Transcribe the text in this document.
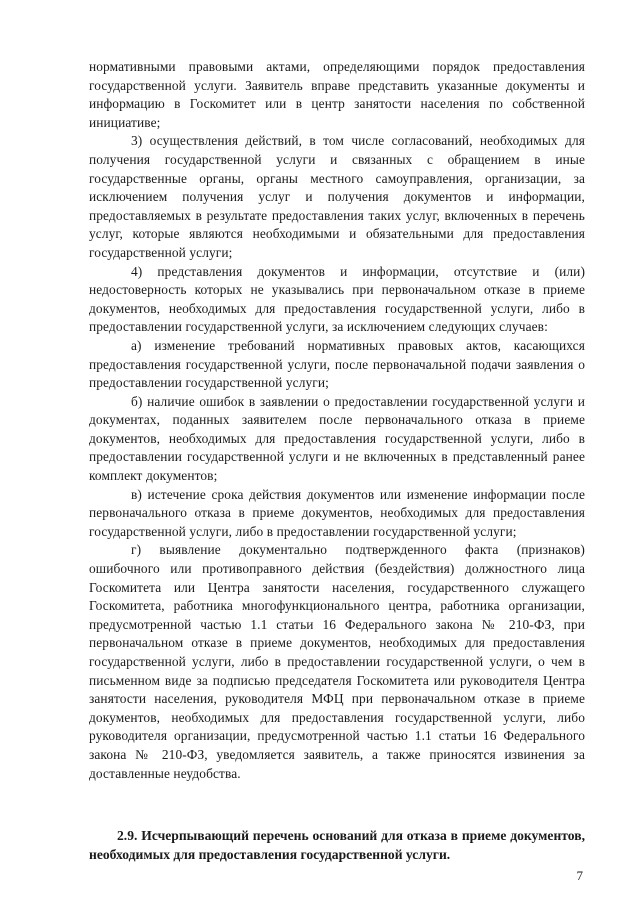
нормативными правовыми актами, определяющими порядок предоставления государственной услуги. Заявитель вправе представить указанные документы и информацию в Госкомитет или в центр занятости населения по собственной инициативе;

3) осуществления действий, в том числе согласований, необходимых для получения государственной услуги и связанных с обращением в иные государственные органы, органы местного самоуправления, организации, за исключением получения услуг и получения документов и информации, предоставляемых в результате предоставления таких услуг, включенных в перечень услуг, которые являются необходимыми и обязательными для предоставления государственной услуги;

4) представления документов и информации, отсутствие и (или) недостоверность которых не указывались при первоначальном отказе в приеме документов, необходимых для предоставления государственной услуги, либо в предоставлении государственной услуги, за исключением следующих случаев:

а) изменение требований нормативных правовых актов, касающихся предоставления государственной услуги, после первоначальной подачи заявления о предоставлении государственной услуги;

б) наличие ошибок в заявлении о предоставлении государственной услуги и документах, поданных заявителем после первоначального отказа в приеме документов, необходимых для предоставления государственной услуги, либо в предоставлении государственной услуги и не включенных в представленный ранее комплект документов;

в) истечение срока действия документов или изменение информации после первоначального отказа в приеме документов, необходимых для предоставления государственной услуги, либо в предоставлении государственной услуги;

г) выявление документально подтвержденного факта (признаков) ошибочного или противоправного действия (бездействия) должностного лица Госкомитета или Центра занятости населения, государственного служащего Госкомитета, работника многофункционального центра, работника организации, предусмотренной частью 1.1 статьи 16 Федерального закона № 210-ФЗ, при первоначальном отказе в приеме документов, необходимых для предоставления государственной услуги, либо в предоставлении государственной услуги, о чем в письменном виде за подписью председателя Госкомитета или руководителя Центра занятости населения, руководителя МФЦ при первоначальном отказе в приеме документов, необходимых для предоставления государственной услуги, либо руководителя организации, предусмотренной частью 1.1 статьи 16 Федерального закона № 210-ФЗ, уведомляется заявитель, а также приносятся извинения за доставленные неудобства.

2.9. Исчерпывающий перечень оснований для отказа в приеме документов, необходимых для предоставления государственной услуги.

7
